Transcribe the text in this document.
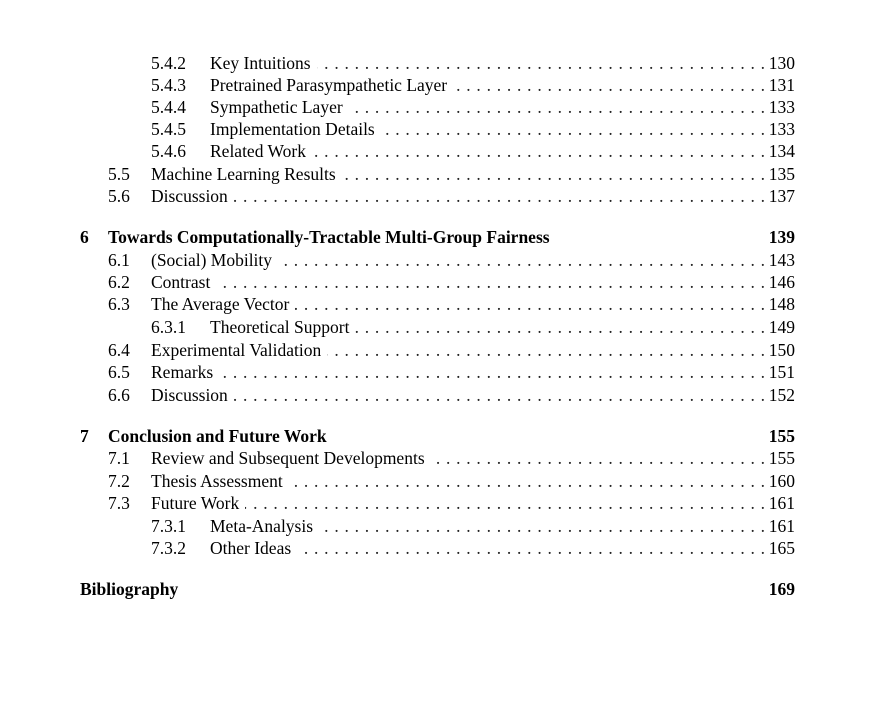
5.4.2 . . . Key Intuitions	130
5.4.3 . . . Pretrained Parasympathetic Layer	131
5.4.4 . . . Sympathetic Layer	133
5.4.5 . . . Implementation Details	133
5.4.6 . . . Related Work	134
5.5 . . . Machine Learning Results	135
5.6 . . . Discussion	137
6 Towards Computationally-Tractable Multi-Group Fairness	139
6.1 . . . (Social) Mobility	143
6.2 . . . Contrast	146
6.3 . . . The Average Vector	148
6.3.1 . . . Theoretical Support	149
6.4 . . . Experimental Validation	150
6.5 . . . Remarks	151
6.6 . . . Discussion	152
7 Conclusion and Future Work	155
7.1 . . . Review and Subsequent Developments	155
7.2 . . . Thesis Assessment	160
7.3 . . . Future Work	161
7.3.1 . . . Meta-Analysis	161
7.3.2 . . . Other Ideas	165
Bibliography	169
